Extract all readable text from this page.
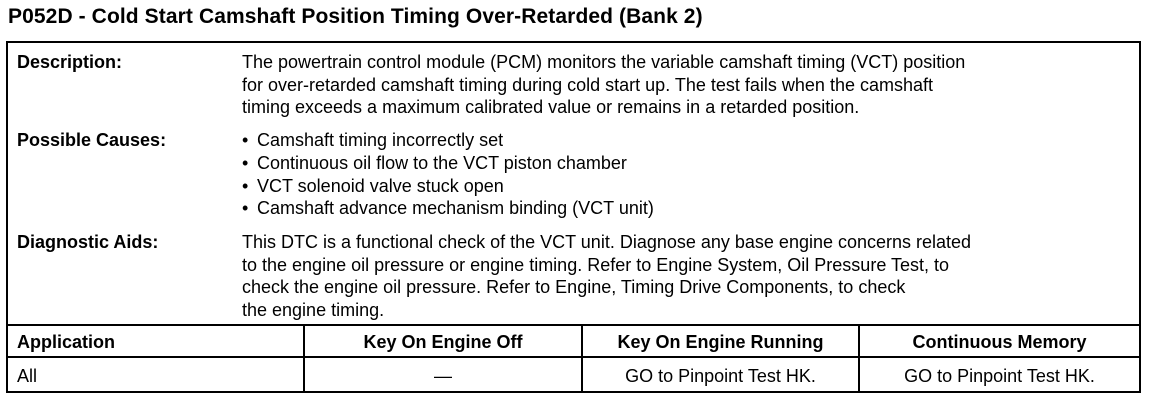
P052D - Cold Start Camshaft Position Timing Over-Retarded (Bank 2)
Description:	The powertrain control module (PCM) monitors the variable camshaft timing (VCT) position
for over-retarded camshaft timing during cold start up. The test fails when the camshaft
timing exceeds a maximum calibrated value or remains in a retarded position.
Possible Causes:
•	Camshaft timing incorrectly set
• Continuous oil flow to the VCT piston chamber
• VCT solenoid valve stuck open
• Camshaft advance mechanism binding (VCT unit)
Diagnostic Aids:	This DTC is a functional check of the VCT unit. Diagnose any base engine concerns related
to the engine oil pressure or engine timing. Refer to Engine System, Oil Pressure Test, to
check the engine oil pressure. Refer to Engine, Timing Drive Components, to check
the engine timing.
Application	Key On Engine Off	Key On Engine Running	Continuous Memory
All	—	GO to Pinpoint Test HK.	GO to Pinpoint Test HK.
